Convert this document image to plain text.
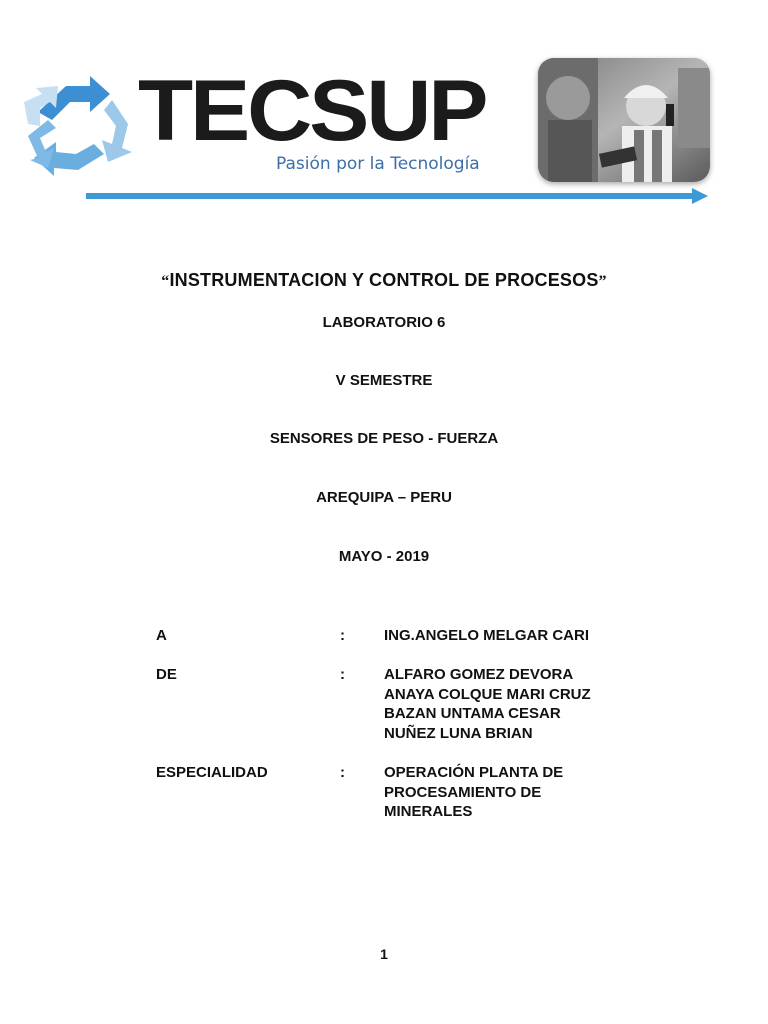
TECSUP
Pasión por la Tecnología
“INSTRUMENTACION Y CONTROL DE PROCESOS”
LABORATORIO 6
V SEMESTRE
SENSORES DE PESO - FUERZA
AREQUIPA – PERU
MAYO - 2019
A	:	ING.ANGELO MELGAR CARI
DE	:	ALFARO GOMEZ DEVORA
ANAYA COLQUE MARI CRUZ
BAZAN UNTAMA CESAR
NUÑEZ LUNA BRIAN
ESPECIALIDAD	:	OPERACIÓN PLANTA DE
PROCESAMIENTO DE
MINERALES
1
